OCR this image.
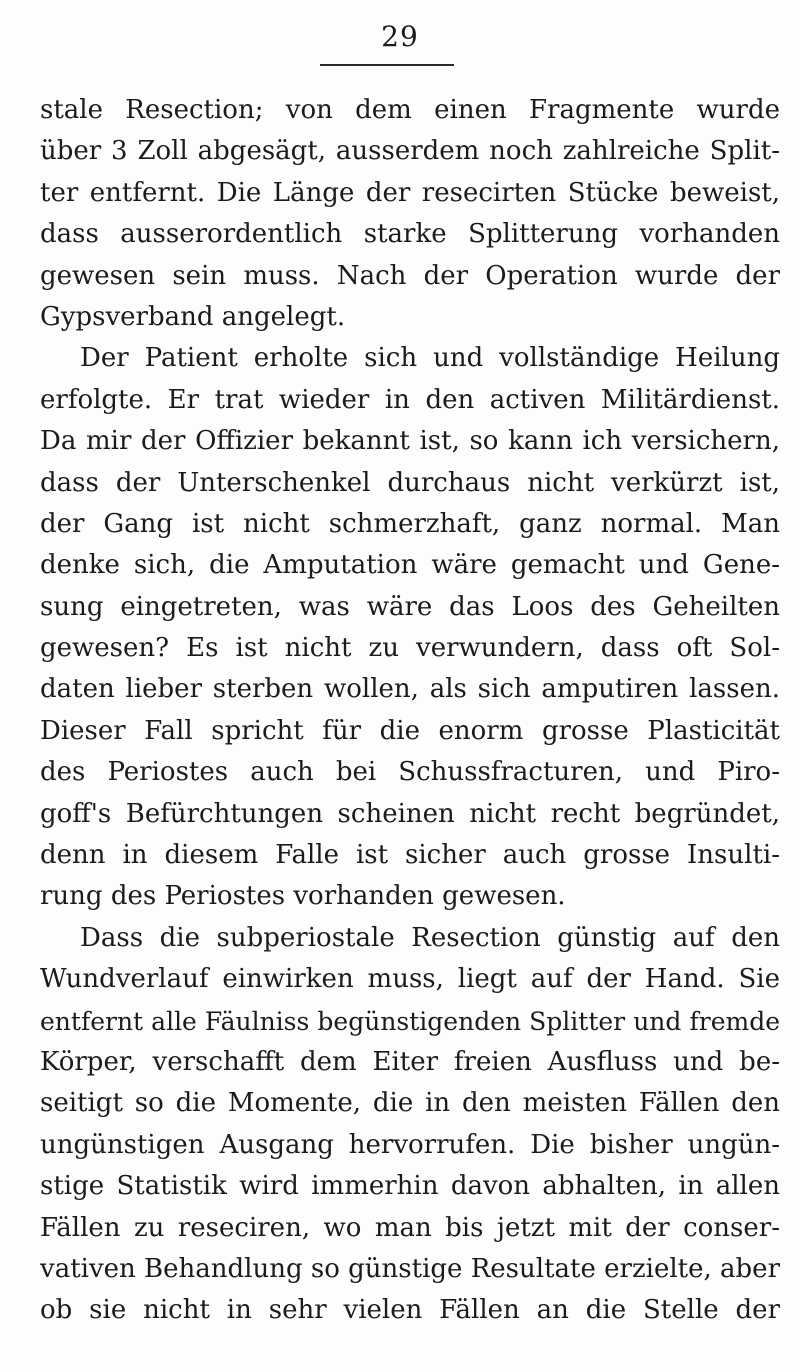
29
stale Resection; von dem einen Fragmente wurde
über 3 Zoll abgesägt, ausserdem noch zahlreiche Split-
ter entfernt. Die Länge der resecirten Stücke beweist,
dass ausserordentlich starke Splitterung vorhanden
gewesen sein muss. Nach der Operation wurde der
Gypsverband angelegt.
Der Patient erholte sich und vollständige Heilung
erfolgte. Er trat wieder in den activen Militärdienst.
Da mir der Offizier bekannt ist, so kann ich versichern,
dass der Unterschenkel durchaus nicht verkürzt ist,
der Gang ist nicht schmerzhaft, ganz normal. Man
denke sich, die Amputation wäre gemacht und Gene-
sung eingetreten, was wäre das Loos des Geheilten
gewesen? Es ist nicht zu verwundern, dass oft Sol-
daten lieber sterben wollen, als sich amputiren lassen.
Dieser Fall spricht für die enorm grosse Plasticität
des Periostes auch bei Schussfracturen, und Piro-
goff's Befürchtungen scheinen nicht recht begründet,
denn in diesem Falle ist sicher auch grosse Insulti-
rung des Periostes vorhanden gewesen.
Dass die subperiostale Resection günstig auf den
Wundverlauf einwirken muss, liegt auf der Hand. Sie
entfernt alle Fäulniss begünstigenden Splitter und fremde
Körper, verschafft dem Eiter freien Ausfluss und be-
seitigt so die Momente, die in den meisten Fällen den
ungünstigen Ausgang hervorrufen. Die bisher ungün-
stige Statistik wird immerhin davon abhalten, in allen
Fällen zu reseciren, wo man bis jetzt mit der conser-
vativen Behandlung so günstige Resultate erzielte, aber
ob sie nicht in sehr vielen Fällen an die Stelle der
